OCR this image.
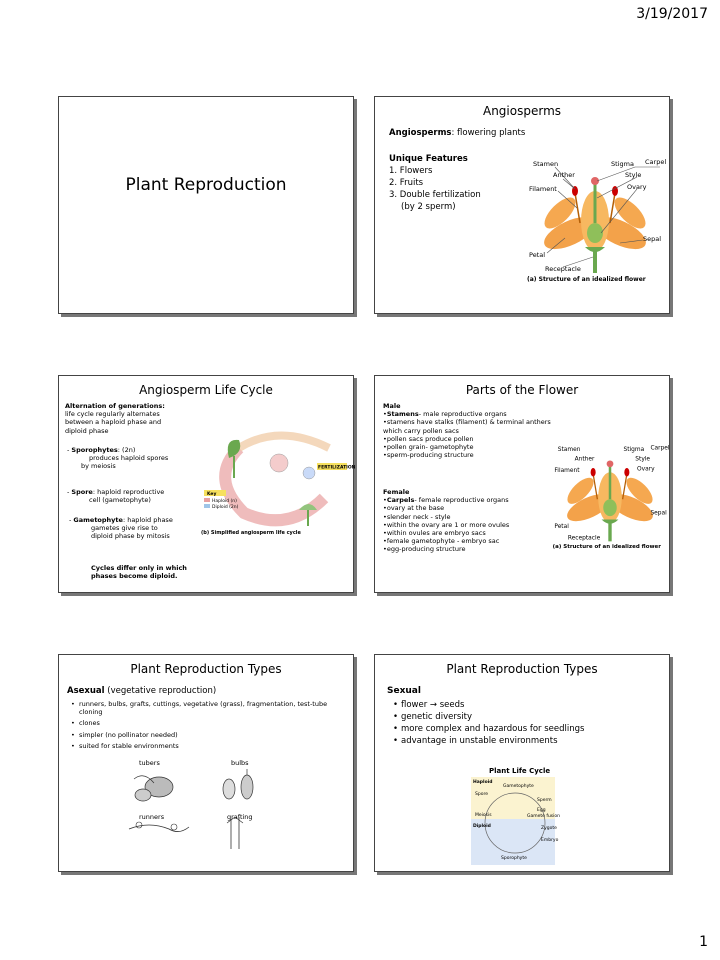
3/19/2017
Plant Reproduction
Angiosperms
Angiosperms: flowering plants
Unique Features
1. Flowers
2. Fruits
3. Double fertilization
(by 2 sperm)
Stamen
Anther
Filament
Stigma Carpel
Style
Ovary
Petal
Sepal
Receptacle
(a) Structure of an idealized flower
Angiosperm Life Cycle
Alternation of generations:
life cycle regularly alternates
between a haploid phase and
diploid phase
- Sporophytes: (2n)
produces haploid spores
by meiosis
- Spore: haploid reproductive
cell (gametophyte)
- Gametophyte: haploid phase
gametes give rise to
diploid phase by mitosis
Cycles differ only in which
phases become diploid.
FERTILIZATION
Key
Haploid (n)
Diploid (2n)
(b) Simplified angiosperm life cycle
Parts of the Flower
Male
•Stamens- male reproductive organs
•stamens have stalks (filament) & terminal anthers which carry pollen sacs
•pollen sacs produce pollen
•pollen grain- gametophyte
•sperm-producing structure
Female
•Carpels- female reproductive organs
•ovary at the base
•slender neck - style
•within the ovary are 1 or more ovules
•within ovules are embryo sacs
•female gametophyte - embryo sac
•egg-producing structure
Stamen
Anther
Filament
Stigma Carpel
Style
Ovary
Petal
Sepal
Receptacle
(a) Structure of an idealized flower
Plant Reproduction Types
Asexual (vegetative reproduction)
• runners, bulbs, grafts, cuttings, vegetative (grass), fragmentation, test-tube cloning
• clones
• simpler (no pollinator needed)
• suited for stable environments
tubers	bulbs
runners	grafting
Plant Reproduction Types
Sexual
• flower → seeds
• genetic diversity
• more complex and hazardous for seedlings
• advantage in unstable environments
Plant Life Cycle
Haploid
Diploid
Gametophyte
Spore
Sperm
Egg
Meiosis	Gamete fusion
Zygote
Embryo
Sporophyte
1
